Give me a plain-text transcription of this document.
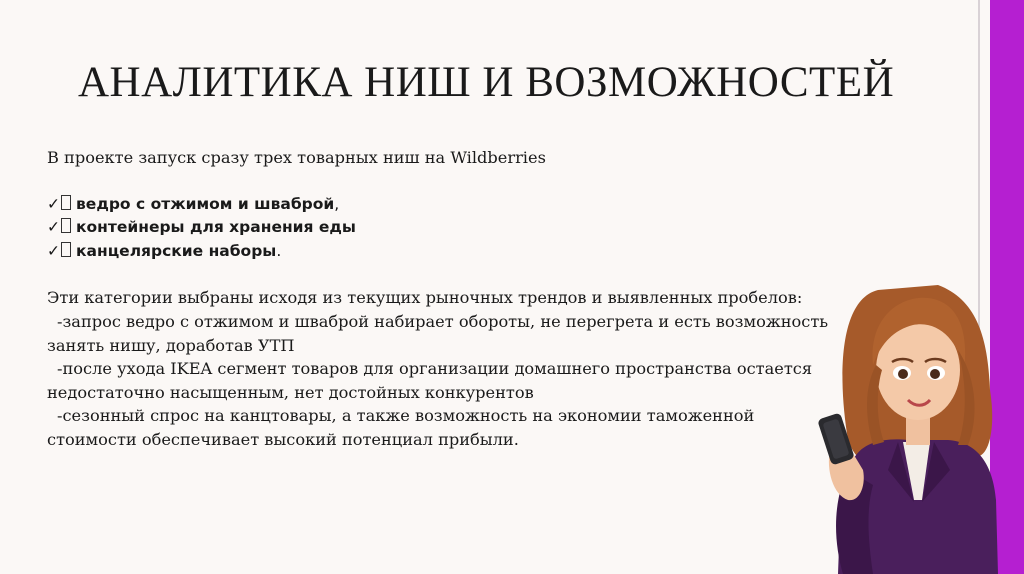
АНАЛИТИКА НИШ И ВОЗМОЖНОСТЕЙ

В проекте запуск сразу трех товарных ниш на Wildberries

✓ ведро с отжимом и шваброй,
✓ контейнеры для хранения еды
✓ канцелярские наборы.

Эти категории выбраны исходя из текущих рыночных трендов и выявленных пробелов:

-запрос ведро с отжимом и шваброй набирает обороты, не перегрета и есть возможность

занять нишу, доработав УТП

-после ухода IKEA сегмент товаров для организации домашнего пространства остается

недостаточно насыщенным, нет достойных конкурентов

-сезонный спрос на канцтовары, а также возможность на экономии таможенной

стоимости обеспечивает высокий потенциал прибыли.
